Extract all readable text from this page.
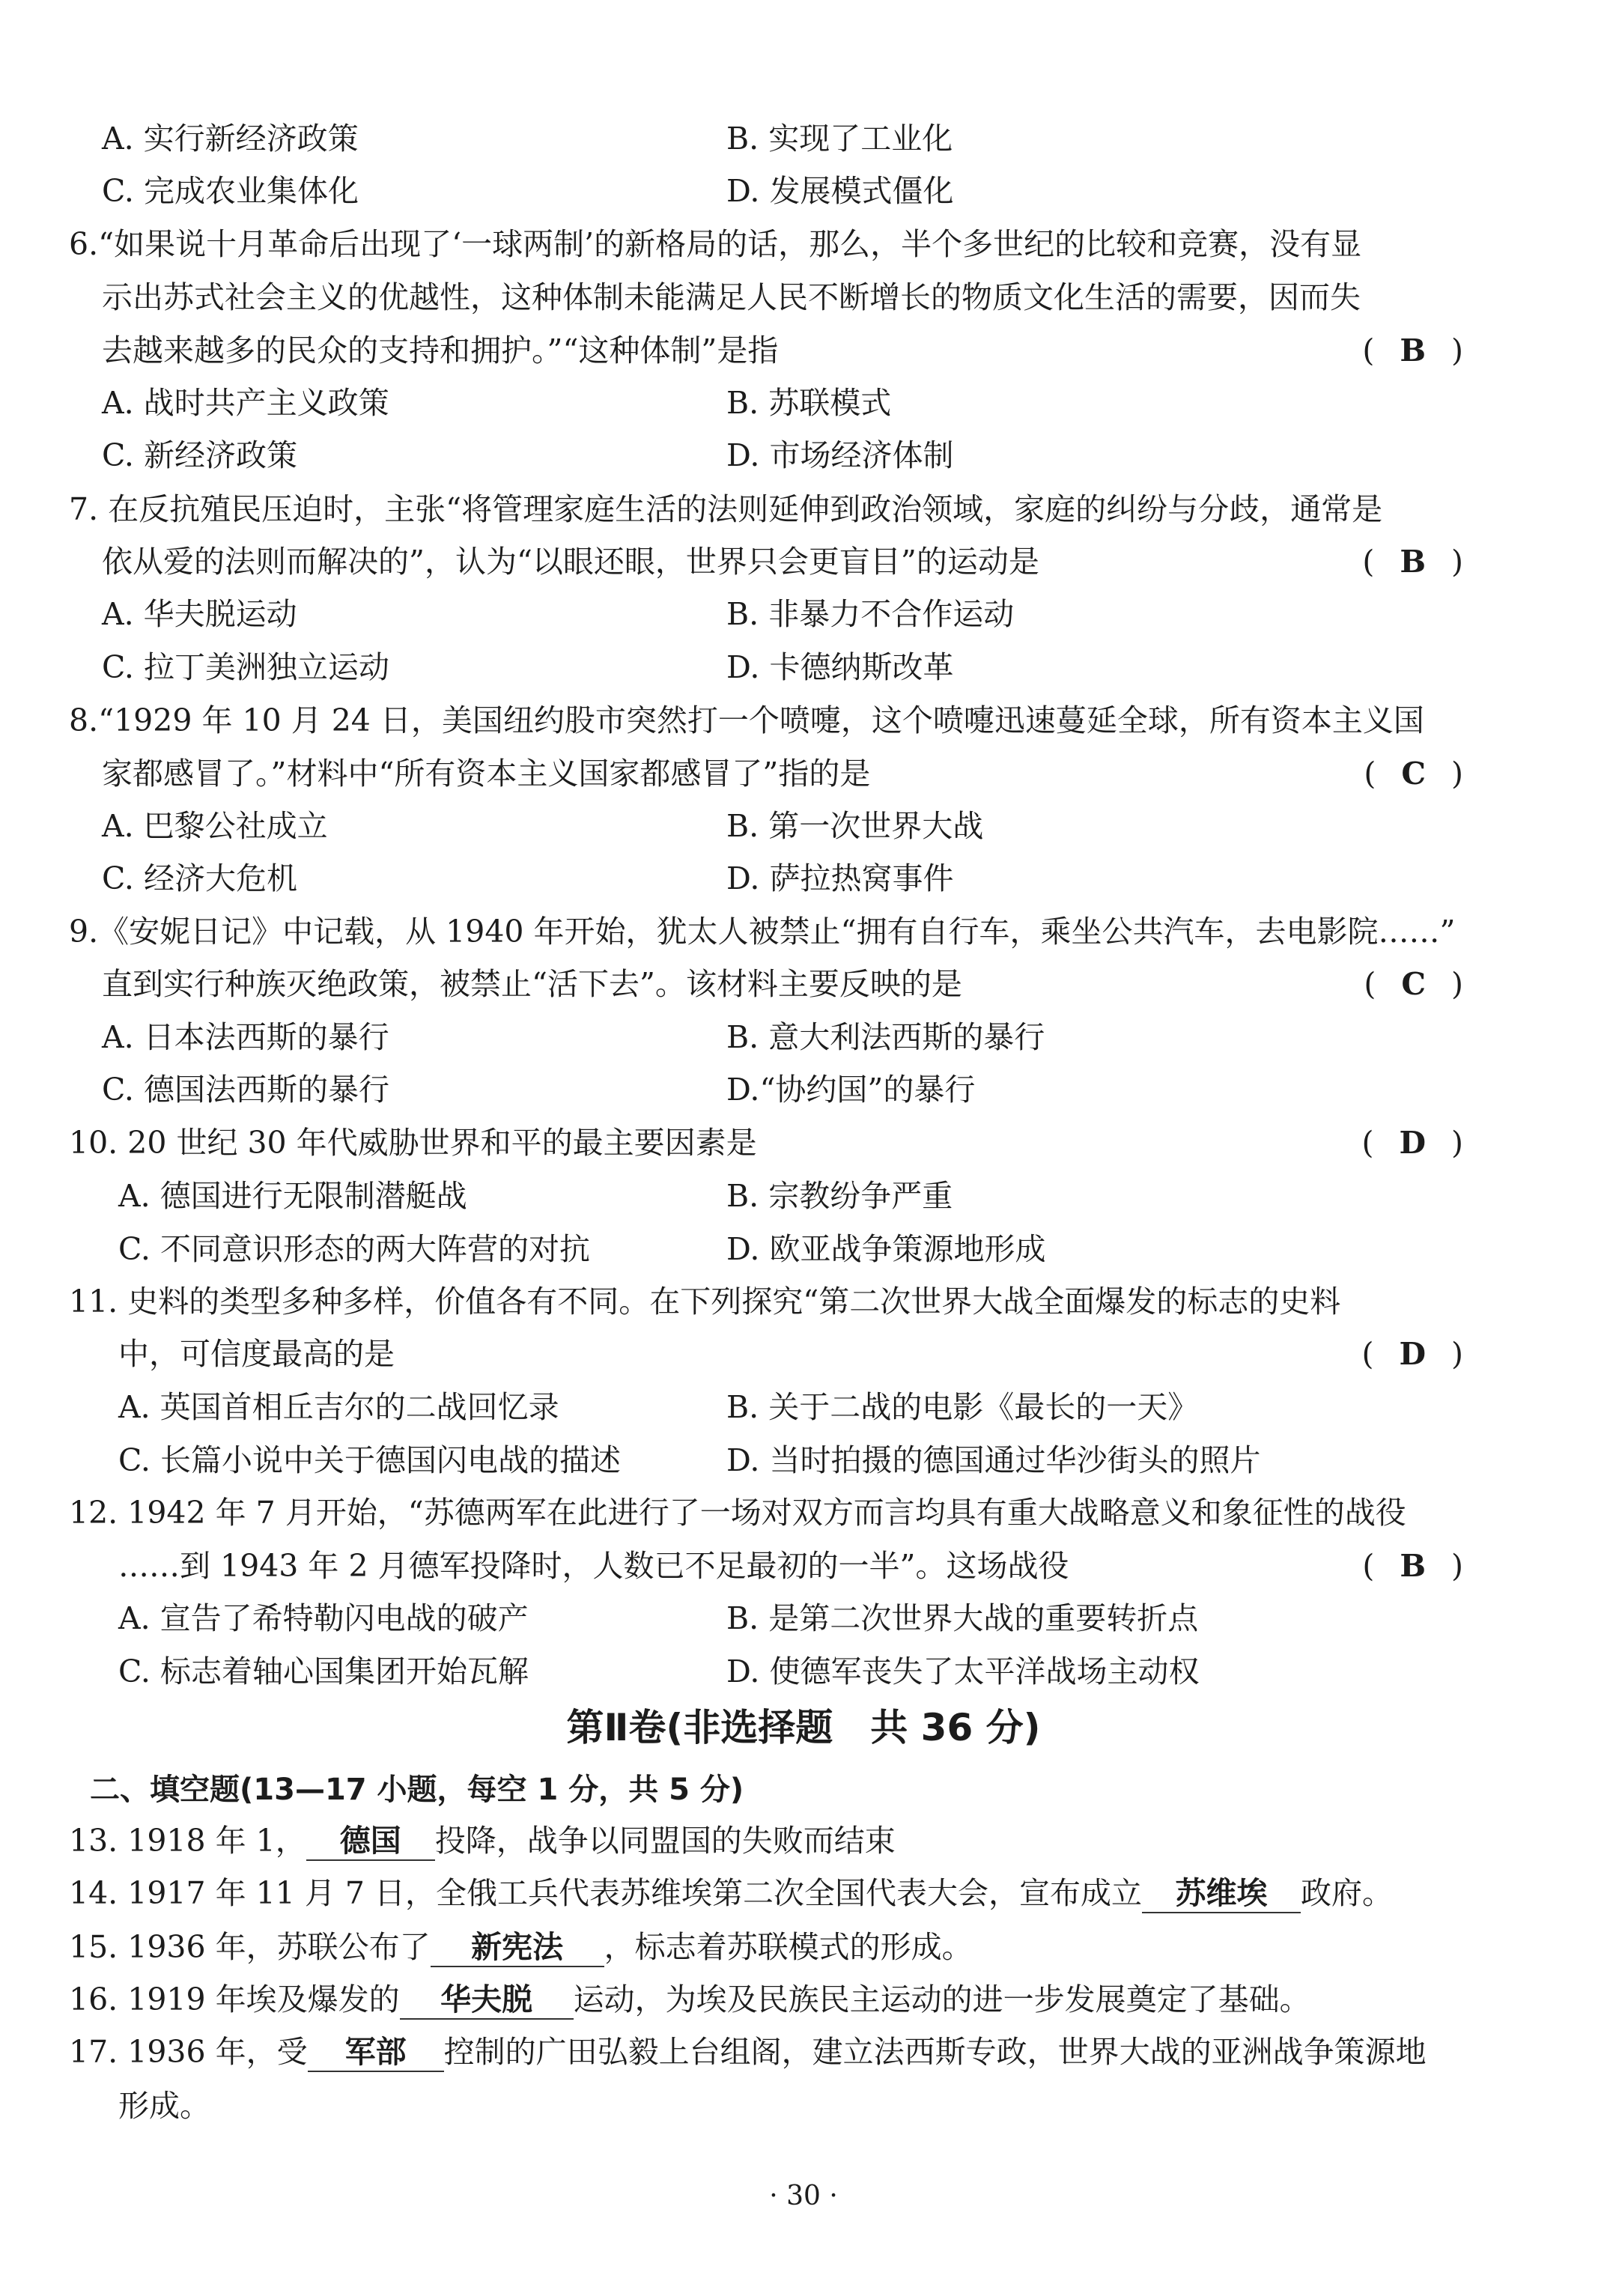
A. 实行新经济政策	B. 实现了工业化
C. 完成农业集体化	D. 发展模式僵化
6.“如果说十月革命后出现了‘一球两制’的新格局的话，那么，半个多世纪的比较和竞赛，没有显
示出苏式社会主义的优越性，这种体制未能满足人民不断增长的物质文化生活的需要，因而失
去越来越多的民众的支持和拥护。”“这种体制”是指	( B )
A. 战时共产主义政策	B. 苏联模式
C. 新经济政策	D. 市场经济体制
7. 在反抗殖民压迫时，主张“将管理家庭生活的法则延伸到政治领域，家庭的纠纷与分歧，通常是
依从爱的法则而解决的”，认为“以眼还眼，世界只会更盲目”的运动是	( B )
A. 华夫脱运动	B. 非暴力不合作运动
C. 拉丁美洲独立运动	D. 卡德纳斯改革
8.“1929 年 10 月 24 日，美国纽约股市突然打一个喷嚏，这个喷嚏迅速蔓延全球，所有资本主义国
家都感冒了。”材料中“所有资本主义国家都感冒了”指的是	( C )
A. 巴黎公社成立	B. 第一次世界大战
C. 经济大危机	D. 萨拉热窝事件
9.《安妮日记》中记载，从 1940 年开始，犹太人被禁止“拥有自行车，乘坐公共汽车，去电影院……”
直到实行种族灭绝政策，被禁止“活下去”。该材料主要反映的是	( C )
A. 日本法西斯的暴行	B. 意大利法西斯的暴行
C. 德国法西斯的暴行	D.“协约国”的暴行
10. 20 世纪 30 年代威胁世界和平的最主要因素是	( D )
A. 德国进行无限制潜艇战	B. 宗教纷争严重
C. 不同意识形态的两大阵营的对抗	D. 欧亚战争策源地形成
11. 史料的类型多种多样，价值各有不同。在下列探究“第二次世界大战全面爆发的标志的史料
中，可信度最高的是	( D )
A. 英国首相丘吉尔的二战回忆录	B. 关于二战的电影《最长的一天》
C. 长篇小说中关于德国闪电战的描述	D. 当时拍摄的德国通过华沙街头的照片
12. 1942 年 7 月开始，“苏德两军在此进行了一场对双方而言均具有重大战略意义和象征性的战役
……到 1943 年 2 月德军投降时，人数已不足最初的一半”。这场战役	( B )
A. 宣告了希特勒闪电战的破产	B. 是第二次世界大战的重要转折点
C. 标志着轴心国集团开始瓦解	D. 使德军丧失了太平洋战场主动权
第Ⅱ卷(非选择题　共 36 分)
二、填空题(13—17 小题，每空 1 分，共 5 分)
13. 1918 年 1， 德国 投降，战争以同盟国的失败而结束
14. 1917 年 11 月 7 日，全俄工兵代表苏维埃第二次全国代表大会，宣布成立 苏维埃 政府。
15. 1936 年，苏联公布了 新宪法 ，标志着苏联模式的形成。
16. 1919 年埃及爆发的 华夫脱 运动，为埃及民族民主运动的进一步发展奠定了基础。
17. 1936 年，受 军部 控制的广田弘毅上台组阁，建立法西斯专政，世界大战的亚洲战争策源地
形成。
· 30 ·
